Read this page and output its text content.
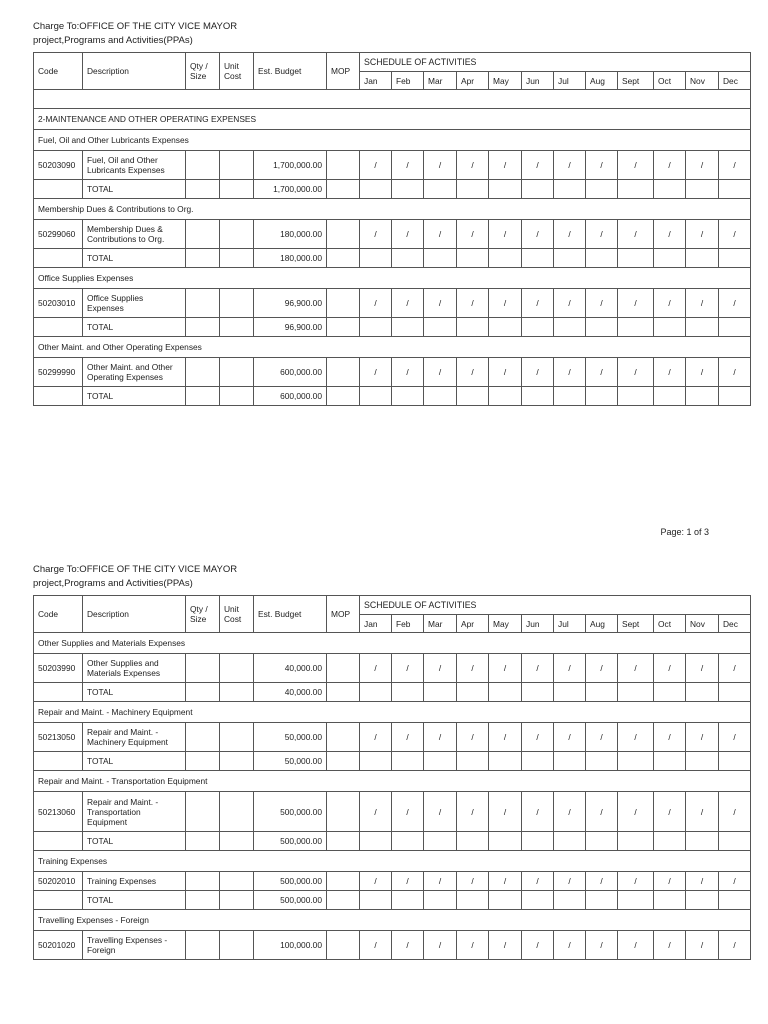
Charge To:OFFICE OF THE CITY VICE MAYOR
project,Programs and Activities(PPAs)
Code	Description	Qty / Size	Unit Cost	Est. Budget	MOP	SCHEDULE OF ACTIVITIES											
						Jan	Feb	Mar	Apr	May	Jun	Jul	Aug	Sept	Oct	Nov	Dec

2-MAINTENANCE AND OTHER OPERATING EXPENSES																	
Fuel, Oil and Other Lubricants Expenses																	
50203090	Fuel, Oil and Other Lubricants Expenses			1,700,000.00		/	/	/	/	/	/	/	/	/	/	/	/
	TOTAL			1,700,000.00													
Membership Dues & Contributions to Org.																	
50299060	Membership Dues & Contributions to Org.			180,000.00		/	/	/	/	/	/	/	/	/	/	/	/
	TOTAL			180,000.00													
Office Supplies Expenses																	
50203010	Office Supplies Expenses			96,900.00		/	/	/	/	/	/	/	/	/	/	/	/
	TOTAL			96,900.00													
Other Maint. and Other Operating Expenses																	
50299990	Other Maint. and Other Operating Expenses			600,000.00		/	/	/	/	/	/	/	/	/	/	/	/
	TOTAL			600,000.00													
Page: 1 of 3
Charge To:OFFICE OF THE CITY VICE MAYOR
project,Programs and Activities(PPAs)
Code	Description	Qty / Size	Unit Cost	Est. Budget	MOP	SCHEDULE OF ACTIVITIES											
						Jan	Feb	Mar	Apr	May	Jun	Jul	Aug	Sept	Oct	Nov	Dec
Other Supplies and Materials Expenses																	
50203990	Other Supplies and Materials Expenses			40,000.00		/	/	/	/	/	/	/	/	/	/	/	/
	TOTAL			40,000.00													
Repair and Maint. - Machinery Equipment																	
50213050	Repair and Maint. - Machinery Equipment			50,000.00		/	/	/	/	/	/	/	/	/	/	/	/
	TOTAL			50,000.00													
Repair and Maint. - Transportation Equipment																	
50213060	Repair and Maint. - Transportation Equipment			500,000.00		/	/	/	/	/	/	/	/	/	/	/	/
	TOTAL			500,000.00													
Training Expenses																	
50202010	Training Expenses			500,000.00		/	/	/	/	/	/	/	/	/	/	/	/
	TOTAL			500,000.00													
Travelling Expenses - Foreign																	
50201020	Travelling Expenses - Foreign			100,000.00		/	/	/	/	/	/	/	/	/	/	/	/
